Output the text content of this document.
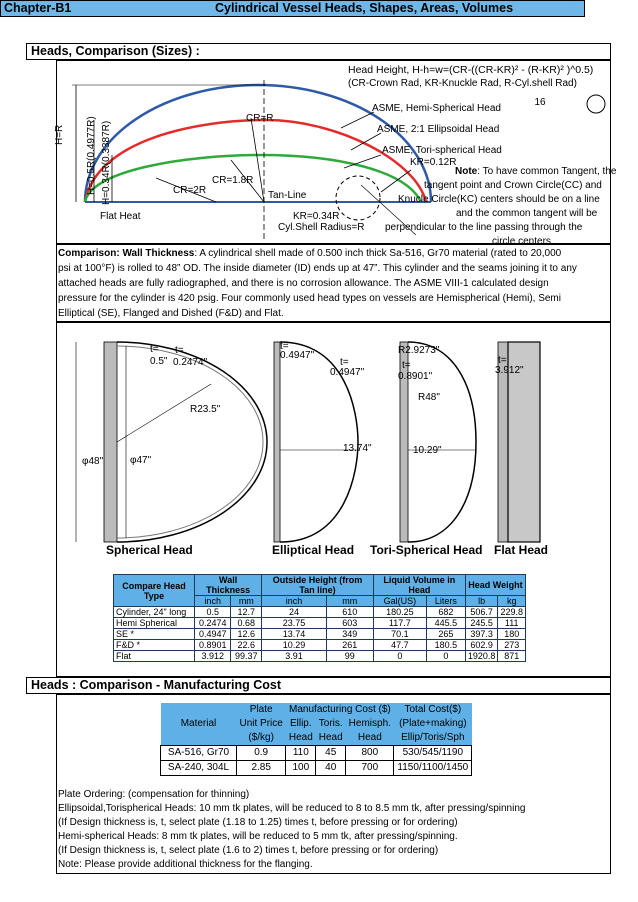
Chapter-B1	Cylindrical Vessel Heads, Shapes, Areas, Volumes
Heads, Comparison (Sizes) :
16
Head Height, H-h=w=(CR-((CR-KR)² - (R-KR)² )^0.5)
(CR-Crown Rad, KR-Knuckle Rad, R-Cyl.shell Rad)
ASME, Hemi-Spherical Head
ASME, 2:1 Ellipsoidal Head
ASME, Tori-spherical Head
KR=0.12R
CR=R
CR=1.8R
CR=2R	Tan-Line
KR=0.34R
Cyl.Shell Radius=R
Flat Heat
H=R H=0.5R(0.4977R) H=0.34R(0.3387R)	Note: To have common Tangent, the
tangent point and Crown Circle(CC) and
Knucle Circle(KC) centers should be on a line
and the common tangent will be
perpendicular to the line passing through the
circle centers
Comparison: Wall Thickness: A cylindrical shell made of 0.500 inch thick Sa-516, Gr70 material (rated to 20,000
psi at 100°F) is rolled to 48” OD. The inside diameter (ID) ends up at 47”. This cylinder and the seams joining it to any
attached heads are fully radiographed, and there is no corrosion allowance. The ASME VIII-1 calculated design
pressure for the cylinder is 420 psig. Four commonly used head types on vessels are Hemispherical (Hemi), Semi
Elliptical (SE), Flanged and Dished (F&D) and Flat.
t=
0.5"
t=
0.2474"
R23.5"
φ48"	φ47"
t=
0.4947"
t=
0.4947"
13.74"
R2.9273"
t=
0.8901"
R48"
10.29"
t=
3.912"
Spherical Head	Elliptical Head Tori-Spherical Head Flat Head
Compare Head Type	Wall Thickness		Outside Height (from Tan line)		Liquid Volume in Head		Head Weight	
	inch	mm	inch	mm	Gal(US)	Liters	lb	kg
Cylinder, 24" long	0.5	12.7	24	610	180.25	682	506.7	229.8
Hemi Spherical	0.2474	0.68	23.75	603	117.7	445.5	245.5	111
SE *	0.4947	12.6	13.74	349	70.1	265	397.3	180
F&D *	0.8901	22.6	10.29	261	47.7	180.5	602.9	273
Flat	3.912	99.37	3.91	99	0	0	1920.8	871
Heads : Comparison - Manufacturing Cost
Material	Plate	Manufacturing Cost ($)			Total Cost($)
	Unit Price	Ellip.	Toris.	Hemisph.	(Plate+making)
	($/kg)	Head	Head	Head	Ellip/Toris/Sph
SA-516, Gr70	0.9	110	45	800	530/545/1190
SA-240, 304L	2.85	100	40	700	1150/1100/1450
Plate Ordering: (compensation for thinning)
Ellipsoidal,Torispherical Heads: 10 mm tk plates, will be reduced to 8 to 8.5 mm tk, after pressing/spinning
(If Design thickness is, t, select plate (1.18 to 1.25) times t, before pressing or for ordering)
Hemi-spherical Heads: 8 mm tk plates, will be reduced to 5 mm tk, after pressing/spinning.
(If Design thickness is, t, select plate (1.6 to 2) times t, before pressing or for ordering)
Note: Please provide additional thickness for the flanging.
